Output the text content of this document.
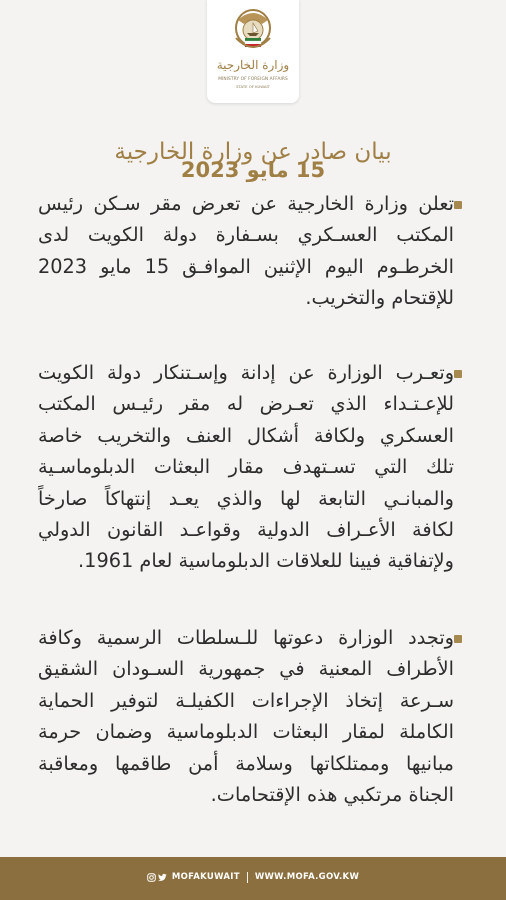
وزارة الخارجية
MINISTRY OF FOREIGN AFFAIRS
STATE OF KUWAIT
بيان صادر عن وزارة الخارجية
15 مايو 2023
تعلن وزارة الخارجية عن تعرض مقر سـكن رئيس
المكتب العسـكري بسـفارة دولة الكويت لدى
الخرطـوم اليوم الإثنين الموافـق 15 مايو 2023
للإقتحام والتخريب.
وتعـرب الوزارة عن إدانة وإسـتنكار دولة الكويت
للإعـتـداء الذي تعـرض له مقر رئيـس المكتب
العسكري ولكافة أشكال العنف والتخريب خاصة
تلك التي تسـتهدف مقار البعثات الدبلوماسـية
والمبانـي التابعة لها والذي يعـد إنتهاكاً صارخاً
لكافة الأعـراف الدولية وقواعـد القانون الدولي
ولإتفاقية فيينا للعلاقات الدبلوماسية لعام 1961.
وتجدد الوزارة دعوتها للـسلطات الرسمية وكافة
الأطراف المعنية في جمهورية السـودان الشقيق
سـرعة إتخاذ الإجراءات الكفيلـة لتوفير الحماية
الكاملة لمقار البعثات الدبلوماسية وضمان حرمة
مبانيها وممتلكاتها وسلامة أمن طاقمها ومعاقبة
الجناة مرتكبي هذه الإقتحامات.
MOFAKUWAIT WWW.MOFA.GOV.KW
